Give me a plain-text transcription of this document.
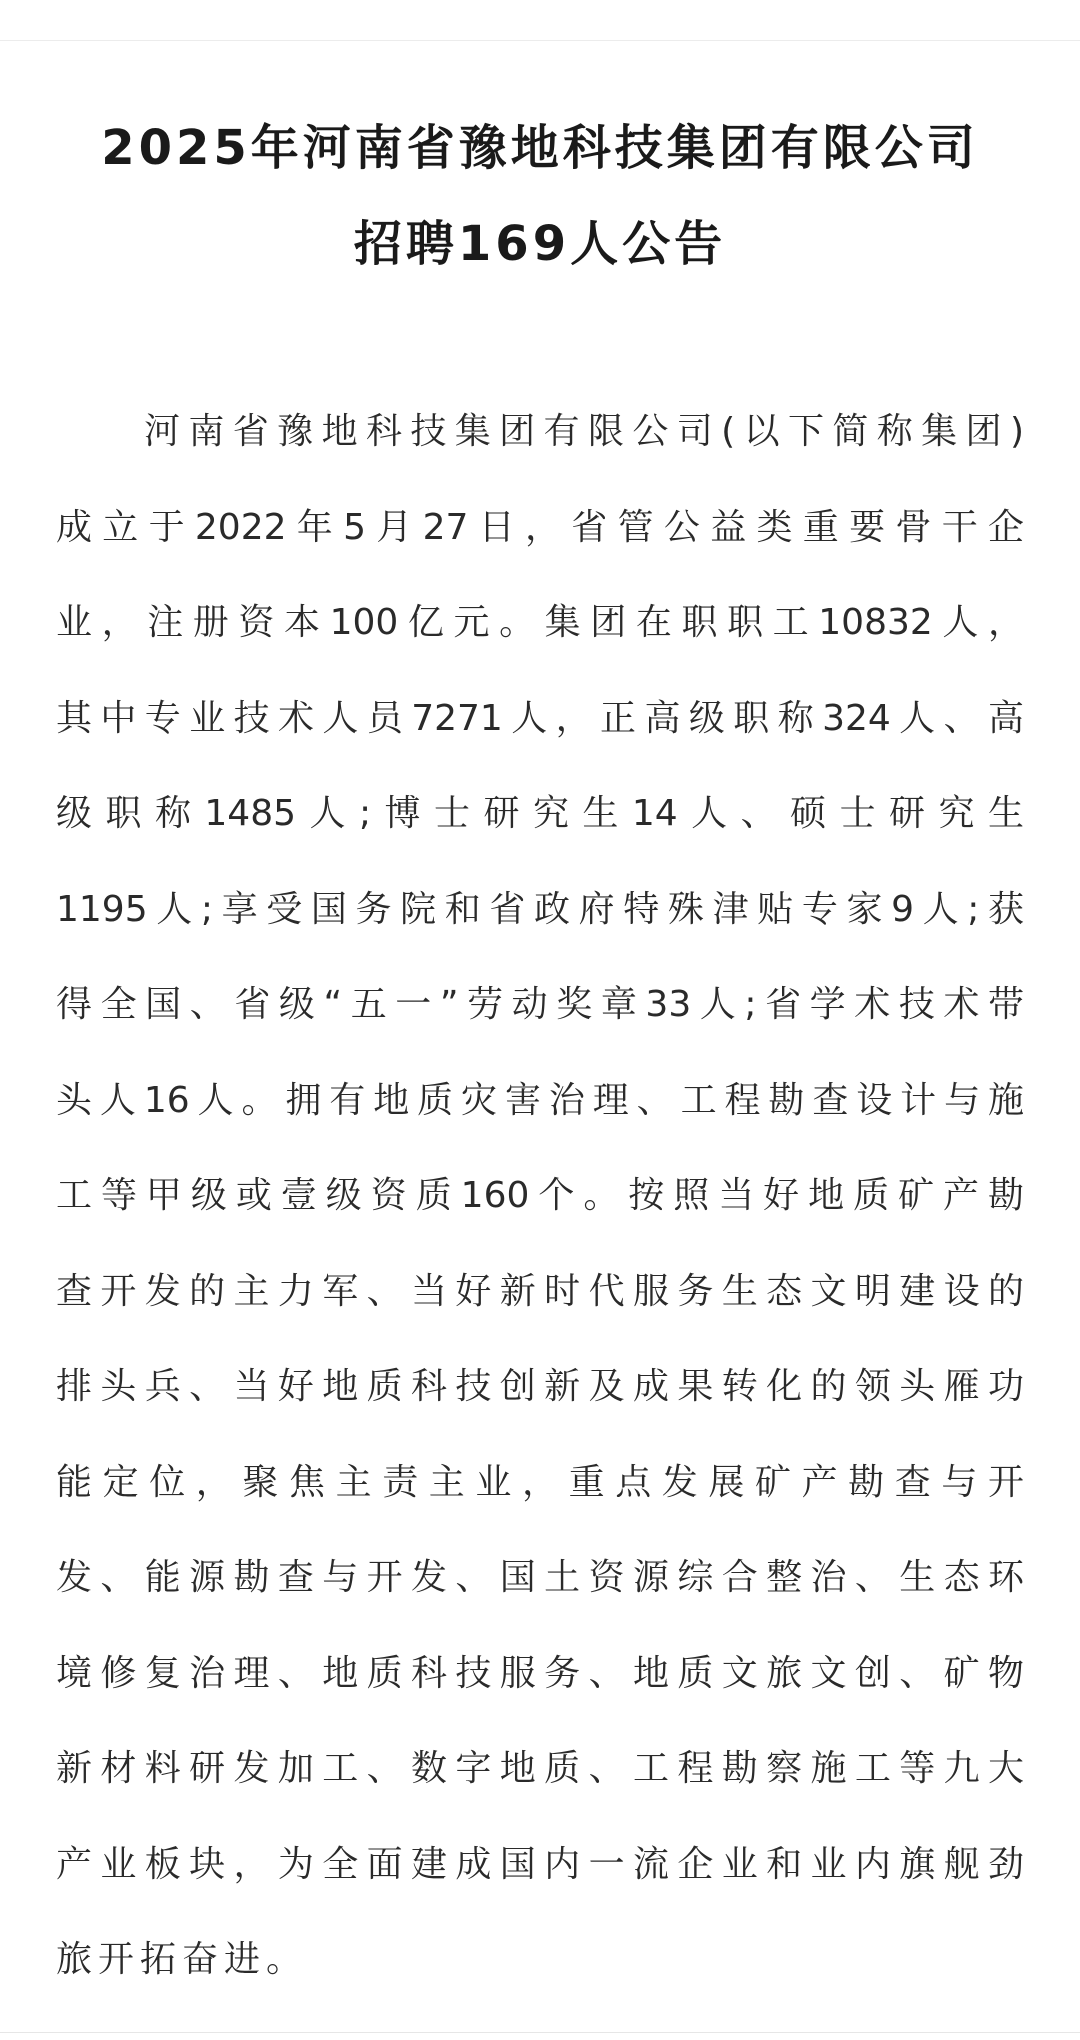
2025年河南省豫地科技集团有限公司
招聘169人公告

河南省豫地科技集团有限公司(以下简称集团)
成立于2022年5月27日，省管公益类重要骨干企
业，注册资本100亿元。集团在职职工10832人，
其中专业技术人员7271人，正高级职称324人、高
级职称1485人;博士研究生14人、硕士研究生
1195人;享受国务院和省政府特殊津贴专家9人;获
得全国、省级“五一”劳动奖章33人;省学术技术带
头人16人。拥有地质灾害治理、工程勘查设计与施
工等甲级或壹级资质160个。按照当好地质矿产勘
查开发的主力军、当好新时代服务生态文明建设的
排头兵、当好地质科技创新及成果转化的领头雁功
能定位，聚焦主责主业，重点发展矿产勘查与开
发、能源勘查与开发、国土资源综合整治、生态环
境修复治理、地质科技服务、地质文旅文创、矿物
新材料研发加工、数字地质、工程勘察施工等九大
产业板块，为全面建成国内一流企业和业内旗舰劲
旅开拓奋进。
